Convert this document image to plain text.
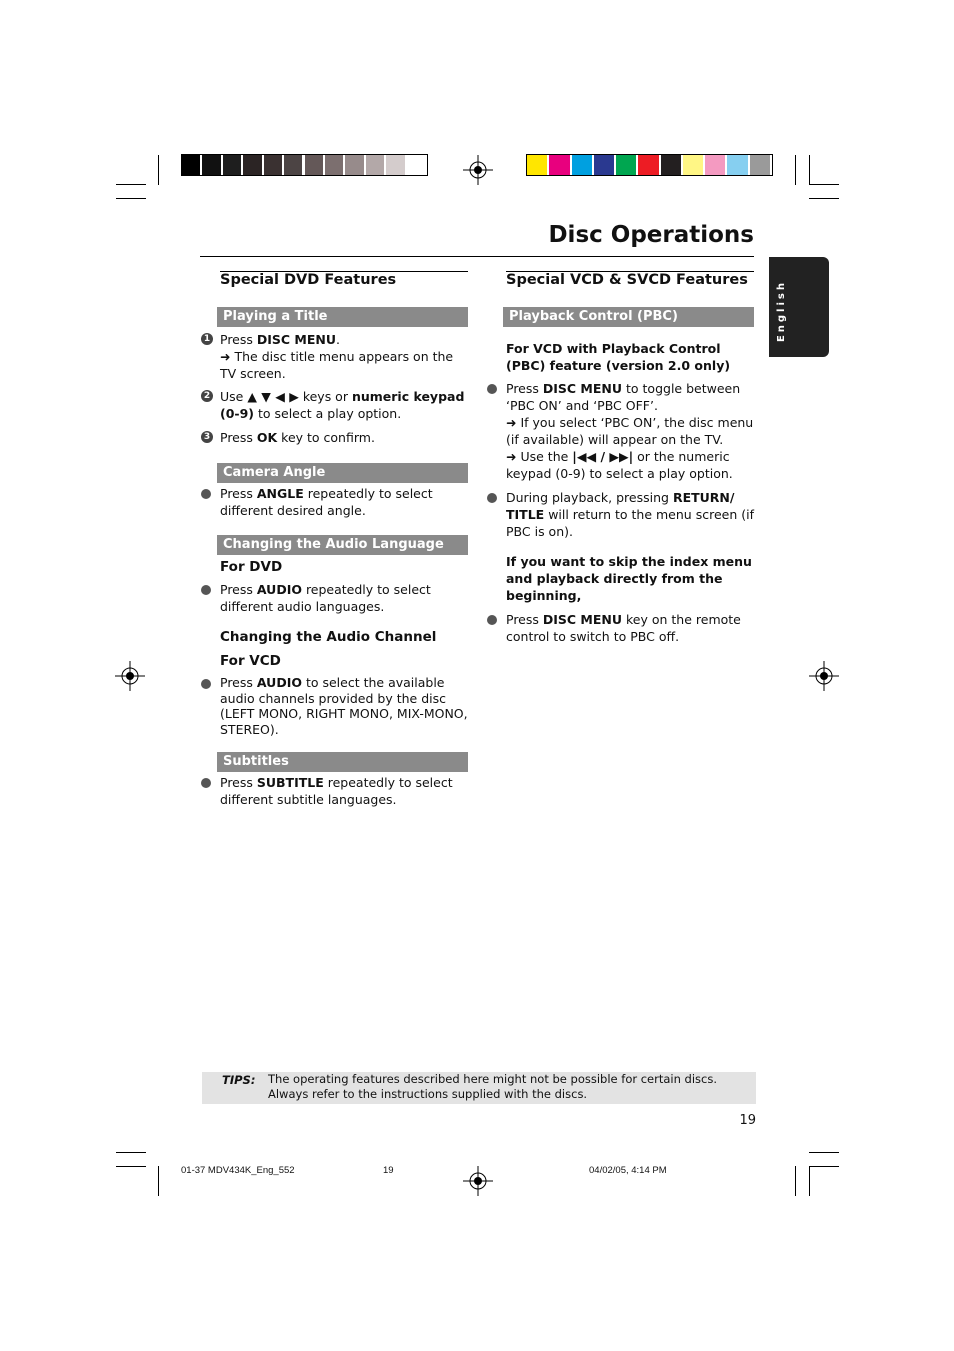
Disc Operations
English
Special DVD Features
Playing a Title
1 Press DISC MENU.
➜ The disc title menu appears on the TV screen.
2 Use ▲ ▼ ◀ ▶ keys or numeric keypad (0-9) to select a play option.
3 Press OK key to confirm.
Camera Angle
Press ANGLE repeatedly to select different desired angle.
Changing the Audio Language
For DVD
Press AUDIO repeatedly to select different audio languages.
Changing the Audio Channel
For VCD
Press AUDIO to select the available audio channels provided by the disc (LEFT MONO, RIGHT MONO, MIX-MONO, STEREO).
Subtitles
Press SUBTITLE repeatedly to select different subtitle languages.
Special VCD & SVCD Features
Playback Control (PBC)
For VCD with Playback Control (PBC) feature (version 2.0 only)
Press DISC MENU to toggle between ‘PBC ON’ and ‘PBC OFF’.
➜ If you select ‘PBC ON’, the disc menu (if available) will appear on the TV.
➜ Use the |◀◀ / ▶▶| or the numeric keypad (0-9) to select a play option.
During playback, pressing RETURN/ TITLE will return to the menu screen (if PBC is on).
If you want to skip the index menu and playback directly from the beginning,
Press DISC MENU key on the remote control to switch to PBC off.
TIPS: The operating features described here might not be possible for certain discs. Always refer to the instructions supplied with the discs.
19
01-37 MDV434K_Eng_552	19	04/02/05, 4:14 PM
